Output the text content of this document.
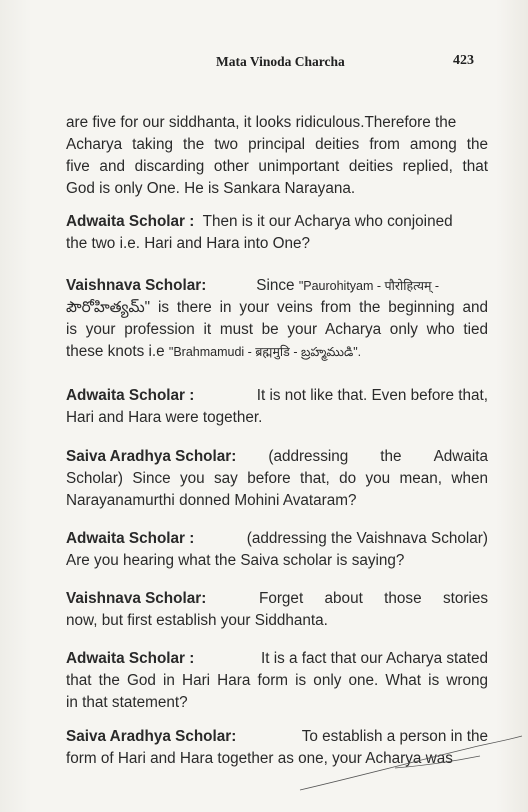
Mata Vinoda Charcha	423
are five for our siddhanta, it looks ridiculous.Therefore the
Acharya taking the two principal deities from among the
five and discarding other unimportant deities replied, that
God is only One. He is Sankara Narayana.
Adwaita Scholar : Then is it our Acharya who conjoined
the two i.e. Hari and Hara into One?
Vaishnava Scholar:	Since "Paurohityam - पौरोहित्यम् -
పౌరోహిత్యమ్" is there in your veins from the beginning and
is your profession it must be your Acharya only who tied
these knots i.e "Brahmamudi - ब्रह्ममुडि - బ్రహ్మముడి".
Adwaita Scholar :	It is not like that. Even before that,
Hari and Hara were together.
Saiva Aradhya Scholar: (addressing the Adwaita
Scholar) Since you say before that, do you mean, when
Narayanamurthi donned Mohini Avataram?
Adwaita Scholar :	(addressing the Vaishnava Scholar)
Are you hearing what the Saiva scholar is saying?
Vaishnava Scholar:	Forget about those stories
now, but first establish your Siddhanta.
Adwaita Scholar :	It is a fact that our Acharya stated
that the God in Hari Hara form is only one. What is wrong
in that statement?
Saiva Aradhya Scholar:	To establish a person in the
form of Hari and Hara together as one, your Acharya was
